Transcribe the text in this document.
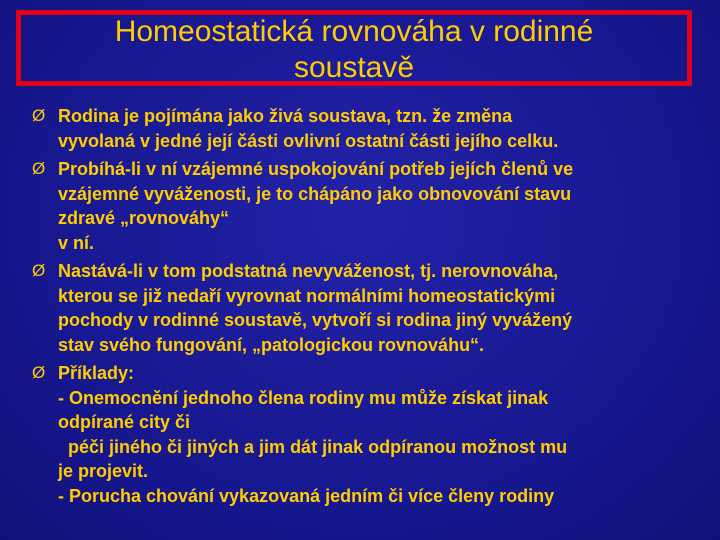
Homeostatická rovnováha v rodinné
soustavě
Ø Rodina je pojímána jako živá soustava, tzn. že změna
vyvolaná v jedné její části ovlivní ostatní části jejího celku.
Ø Probíhá-li v ní vzájemné uspokojování potřeb jejích členů ve
vzájemné vyváženosti, je to chápáno jako obnovování stavu
zdravé „rovnováhy“
v ní.
Ø Nastává-li v tom podstatná nevyváženost, tj. nerovnováha,
kterou se již nedaří vyrovnat normálními homeostatickými
pochody v rodinné soustavě, vytvoří si rodina jiný vyvážený
stav svého fungování, „patologickou rovnováhu“.
Ø Příklady:
- Onemocnění jednoho člena rodiny mu může získat jinak
odpírané city či
péči jiného či jiných a jim dát jinak odpíranou možnost mu
je projevit.
- Porucha chování vykazovaná jedním či více členy rodiny
